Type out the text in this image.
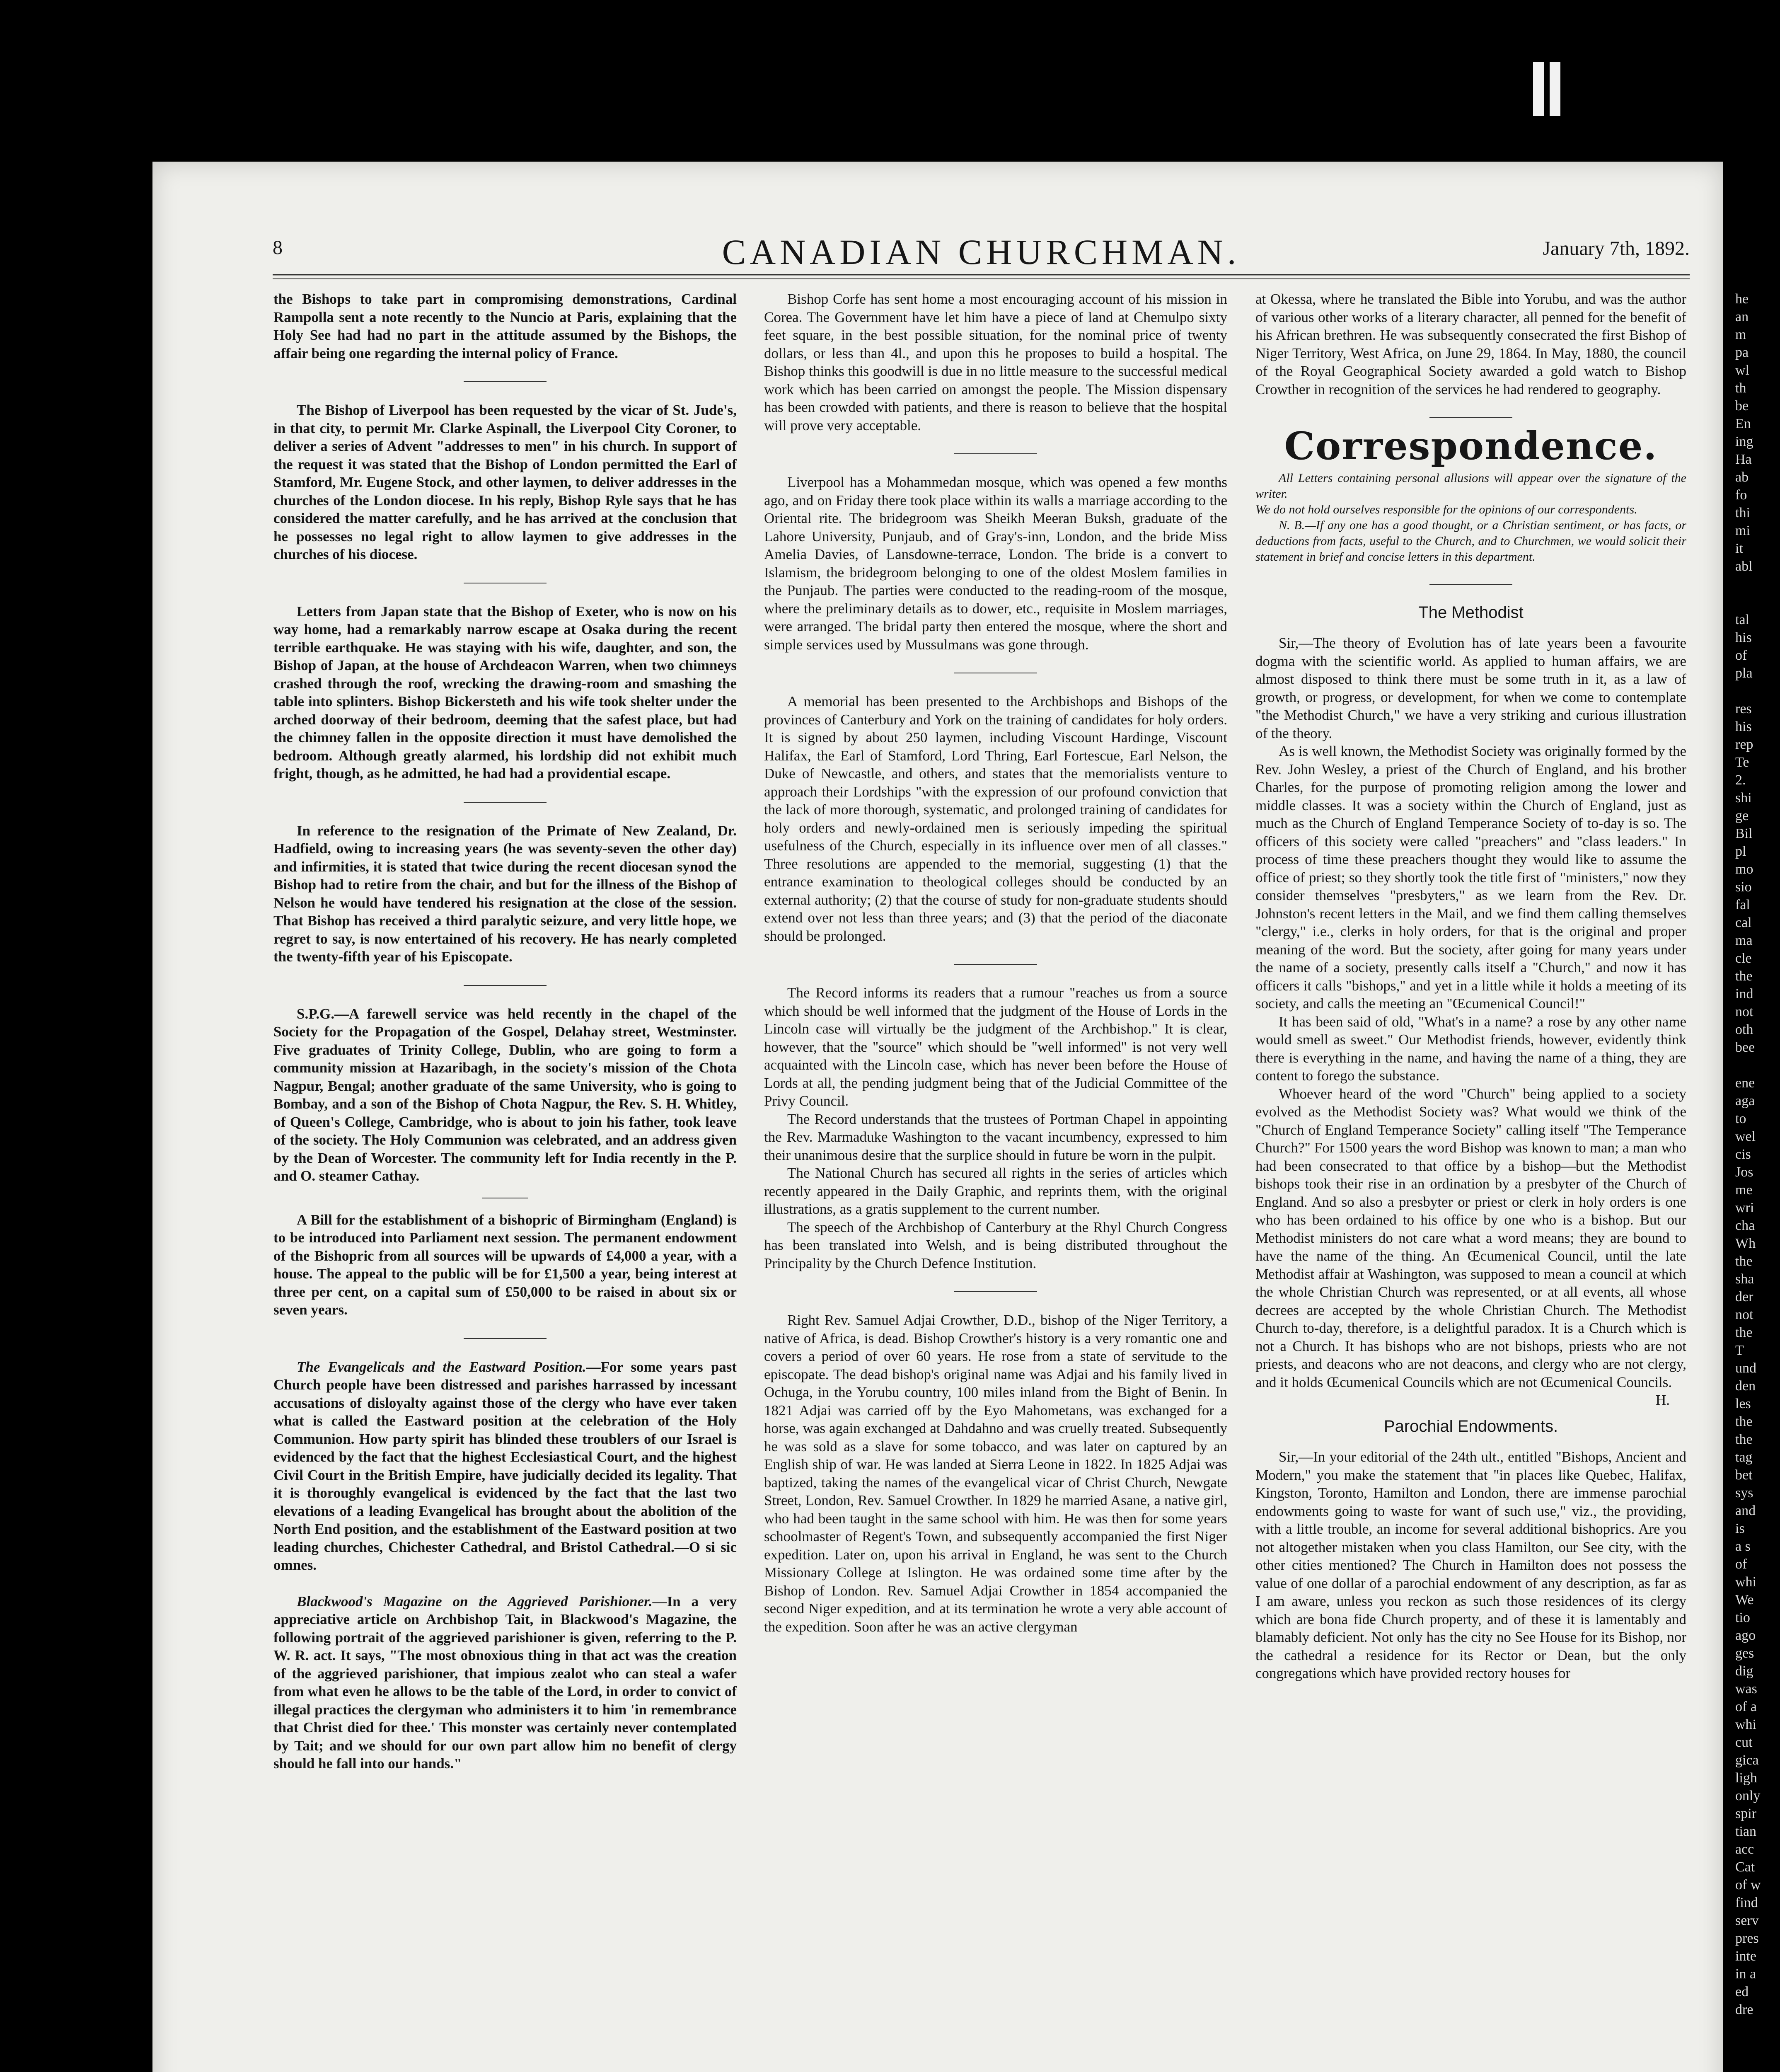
he
an
m
pa
wl
th
be
En
ing
Ha
ab
fo
thi
mi
it
abl

tal
his
of
pla

res
his
rep
Te
2.
shi
ge
Bil
pl
mo
sio
fal
cal
ma
cle
the
ind
not
oth
bee

ene
aga
to
wel
cis
Jos
me
wri
cha
Wh
the
sha
der
not
the
T
und
den
les
the
the
tag
bet
sys
and
is
a s
of
whi
We
tio
ago
ges
dig
was
of a
whi
cut
gica
ligh
only
spir
tian
acc
Cat
of w
find
serv
pres
inte
in a
ed
dre
8	CANADIAN CHURCHMAN.	January 7th, 1892.

the Bishops to take part in compromising demonstrations, Cardinal Rampolla sent a note recently to the Nuncio at Paris, explaining that the Holy See had had no part in the attitude assumed by the Bishops, the affair being one regarding the internal policy of France.

The Bishop of Liverpool has been requested by the vicar of St. Jude's, in that city, to permit Mr. Clarke Aspinall, the Liverpool City Coroner, to deliver a series of Advent "addresses to men" in his church. In support of the request it was stated that the Bishop of London permitted the Earl of Stamford, Mr. Eugene Stock, and other laymen, to deliver addresses in the churches of the London diocese. In his reply, Bishop Ryle says that he has considered the matter carefully, and he has arrived at the conclusion that he possesses no legal right to allow laymen to give addresses in the churches of his diocese.

Letters from Japan state that the Bishop of Exeter, who is now on his way home, had a remarkably narrow escape at Osaka during the recent terrible earthquake. He was staying with his wife, daughter, and son, the Bishop of Japan, at the house of Archdeacon Warren, when two chimneys crashed through the roof, wrecking the drawing-room and smashing the table into splinters. Bishop Bickersteth and his wife took shelter under the arched doorway of their bedroom, deeming that the safest place, but had the chimney fallen in the opposite direction it must have demolished the bedroom. Although greatly alarmed, his lordship did not exhibit much fright, though, as he admitted, he had had a providential escape.

In reference to the resignation of the Primate of New Zealand, Dr. Hadfield, owing to increasing years (he was seventy-seven the other day) and infirmities, it is stated that twice during the recent diocesan synod the Bishop had to retire from the chair, and but for the illness of the Bishop of Nelson he would have tendered his resignation at the close of the session. That Bishop has received a third paralytic seizure, and very little hope, we regret to say, is now entertained of his recovery. He has nearly completed the twenty-fifth year of his Episcopate.

S.P.G.—A farewell service was held recently in the chapel of the Society for the Propagation of the Gospel, Delahay street, Westminster. Five graduates of Trinity College, Dublin, who are going to form a community mission at Hazaribagh, in the society's mission of the Chota Nagpur, Bengal; another graduate of the same University, who is going to Bombay, and a son of the Bishop of Chota Nagpur, the Rev. S. H. Whitley, of Queen's College, Cambridge, who is about to join his father, took leave of the society. The Holy Communion was celebrated, and an address given by the Dean of Worcester. The community left for India recently in the P. and O. steamer Cathay.

A Bill for the establishment of a bishopric of Birmingham (England) is to be introduced into Parliament next session. The permanent endowment of the Bishopric from all sources will be upwards of £4,000 a year, with a house. The appeal to the public will be for £1,500 a year, being interest at three per cent, on a capital sum of £50,000 to be raised in about six or seven years.

The Evangelicals and the Eastward Position.—For some years past Church people have been distressed and parishes harrassed by incessant accusations of disloyalty against those of the clergy who have ever taken what is called the Eastward position at the celebration of the Holy Communion. How party spirit has blinded these troublers of our Israel is evidenced by the fact that the highest Ecclesiastical Court, and the highest Civil Court in the British Empire, have judicially decided its legality. That it is thoroughly evangelical is evidenced by the fact that the last two elevations of a leading Evangelical has brought about the abolition of the North End position, and the establishment of the Eastward position at two leading churches, Chichester Cathedral, and Bristol Cathedral.—O si sic omnes.

Blackwood's Magazine on the Aggrieved Parishioner.—In a very appreciative article on Archbishop Tait, in Blackwood's Magazine, the following portrait of the aggrieved parishioner is given, referring to the P. W. R. act. It says, "The most obnoxious thing in that act was the creation of the aggrieved parishioner, that impious zealot who can steal a wafer from what even he allows to be the table of the Lord, in order to convict of illegal practices the clergyman who administers it to him 'in remembrance that Christ died for thee.' This monster was certainly never contemplated by Tait; and we should for our own part allow him no benefit of clergy should he fall into our hands."

Bishop Corfe has sent home a most encouraging account of his mission in Corea. The Government have let him have a piece of land at Chemulpo sixty feet square, in the best possible situation, for the nominal price of twenty dollars, or less than 4l., and upon this he proposes to build a hospital. The Bishop thinks this goodwill is due in no little measure to the successful medical work which has been carried on amongst the people. The Mission dispensary has been crowded with patients, and there is reason to believe that the hospital will prove very acceptable.

Liverpool has a Mohammedan mosque, which was opened a few months ago, and on Friday there took place within its walls a marriage according to the Oriental rite. The bridegroom was Sheikh Meeran Buksh, graduate of the Lahore University, Punjaub, and of Gray's-inn, London, and the bride Miss Amelia Davies, of Lansdowne-terrace, London. The bride is a convert to Islamism, the bridegroom belonging to one of the oldest Moslem families in the Punjaub. The parties were conducted to the reading-room of the mosque, where the preliminary details as to dower, etc., requisite in Moslem marriages, were arranged. The bridal party then entered the mosque, where the short and simple services used by Mussulmans was gone through.

A memorial has been presented to the Archbishops and Bishops of the provinces of Canterbury and York on the training of candidates for holy orders. It is signed by about 250 laymen, including Viscount Hardinge, Viscount Halifax, the Earl of Stamford, Lord Thring, Earl Fortescue, Earl Nelson, the Duke of Newcastle, and others, and states that the memorialists venture to approach their Lordships "with the expression of our profound conviction that the lack of more thorough, systematic, and prolonged training of candidates for holy orders and newly-ordained men is seriously impeding the spiritual usefulness of the Church, especially in its influence over men of all classes." Three resolutions are appended to the memorial, suggesting (1) that the entrance examination to theological colleges should be conducted by an external authority; (2) that the course of study for non-graduate students should extend over not less than three years; and (3) that the period of the diaconate should be prolonged.

The Record informs its readers that a rumour "reaches us from a source which should be well informed that the judgment of the House of Lords in the Lincoln case will virtually be the judgment of the Archbishop." It is clear, however, that the "source" which should be "well informed" is not very well acquainted with the Lincoln case, which has never been before the House of Lords at all, the pending judgment being that of the Judicial Committee of the Privy Council.

The Record understands that the trustees of Portman Chapel in appointing the Rev. Marmaduke Washington to the vacant incumbency, expressed to him their unanimous desire that the surplice should in future be worn in the pulpit.

The National Church has secured all rights in the series of articles which recently appeared in the Daily Graphic, and reprints them, with the original illustrations, as a gratis supplement to the current number.

The speech of the Archbishop of Canterbury at the Rhyl Church Congress has been translated into Welsh, and is being distributed throughout the Principality by the Church Defence Institution.

Right Rev. Samuel Adjai Crowther, D.D., bishop of the Niger Territory, a native of Africa, is dead. Bishop Crowther's history is a very romantic one and covers a period of over 60 years. He rose from a state of servitude to the episcopate. The dead bishop's original name was Adjai and his family lived in Ochuga, in the Yorubu country, 100 miles inland from the Bight of Benin. In 1821 Adjai was carried off by the Eyo Mahometans, was exchanged for a horse, was again exchanged at Dahdahno and was cruelly treated. Subsequently he was sold as a slave for some tobacco, and was later on captured by an English ship of war. He was landed at Sierra Leone in 1822. In 1825 Adjai was baptized, taking the names of the evangelical vicar of Christ Church, Newgate Street, London, Rev. Samuel Crowther. In 1829 he married Asane, a native girl, who had been taught in the same school with him. He was then for some years schoolmaster of Regent's Town, and subsequently accompanied the first Niger expedition. Later on, upon his arrival in England, he was sent to the Church Missionary College at Islington. He was ordained some time after by the Bishop of London. Rev. Samuel Adjai Crowther in 1854 accompanied the second Niger expedition, and at its termination he wrote a very able account of the expedition. Soon after he was an active clergyman

at Okessa, where he translated the Bible into Yorubu, and was the author of various other works of a literary character, all penned for the benefit of his African brethren. He was subsequently consecrated the first Bishop of Niger Territory, West Africa, on June 29, 1864. In May, 1880, the council of the Royal Geographical Society awarded a gold watch to Bishop Crowther in recognition of the services he had rendered to geography.

Correspondence.

All Letters containing personal allusions will appear over the signature of the writer.

We do not hold ourselves responsible for the opinions of our correspondents.

N. B.—If any one has a good thought, or a Christian sentiment, or has facts, or deductions from facts, useful to the Church, and to Churchmen, we would solicit their statement in brief and concise letters in this department.

The Methodist

Sir,—The theory of Evolution has of late years been a favourite dogma with the scientific world. As applied to human affairs, we are almost disposed to think there must be some truth in it, as a law of growth, or progress, or development, for when we come to contemplate "the Methodist Church," we have a very striking and curious illustration of the theory.

As is well known, the Methodist Society was originally formed by the Rev. John Wesley, a priest of the Church of England, and his brother Charles, for the purpose of promoting religion among the lower and middle classes. It was a society within the Church of England, just as much as the Church of England Temperance Society of to-day is so. The officers of this society were called "preachers" and "class leaders." In process of time these preachers thought they would like to assume the office of priest; so they shortly took the title first of "ministers," now they consider themselves "presbyters," as we learn from the Rev. Dr. Johnston's recent letters in the Mail, and we find them calling themselves "clergy," i.e., clerks in holy orders, for that is the original and proper meaning of the word. But the society, after going for many years under the name of a society, presently calls itself a "Church," and now it has officers it calls "bishops," and yet in a little while it holds a meeting of its society, and calls the meeting an "Œcumenical Council!"

It has been said of old, "What's in a name? a rose by any other name would smell as sweet." Our Methodist friends, however, evidently think there is everything in the name, and having the name of a thing, they are content to forego the substance.

Whoever heard of the word "Church" being applied to a society evolved as the Methodist Society was? What would we think of the "Church of England Temperance Society" calling itself "The Temperance Church?" For 1500 years the word Bishop was known to man; a man who had been consecrated to that office by a bishop—but the Methodist bishops took their rise in an ordination by a presbyter of the Church of England. And so also a presbyter or priest or clerk in holy orders is one who has been ordained to his office by one who is a bishop. But our Methodist ministers do not care what a word means; they are bound to have the name of the thing. An Œcumenical Council, until the late Methodist affair at Washington, was supposed to mean a council at which the whole Christian Church was represented, or at all events, all whose decrees are accepted by the whole Christian Church. The Methodist Church to-day, therefore, is a delightful paradox. It is a Church which is not a Church. It has bishops who are not bishops, priests who are not priests, and deacons who are not deacons, and clergy who are not clergy, and it holds Œcumenical Councils which are not Œcumenical Councils.

H.

Parochial Endowments.

Sir,—In your editorial of the 24th ult., entitled "Bishops, Ancient and Modern," you make the statement that "in places like Quebec, Halifax, Kingston, Toronto, Hamilton and London, there are immense parochial endowments going to waste for want of such use," viz., the providing, with a little trouble, an income for several additional bishoprics. Are you not altogether mistaken when you class Hamilton, our See city, with the other cities mentioned? The Church in Hamilton does not possess the value of one dollar of a parochial endowment of any description, as far as I am aware, unless you reckon as such those residences of its clergy which are bona fide Church property, and of these it is lamentably and blamably deficient. Not only has the city no See House for its Bishop, nor the cathedral a residence for its Rector or Dean, but the only congregations which have provided rectory houses for
